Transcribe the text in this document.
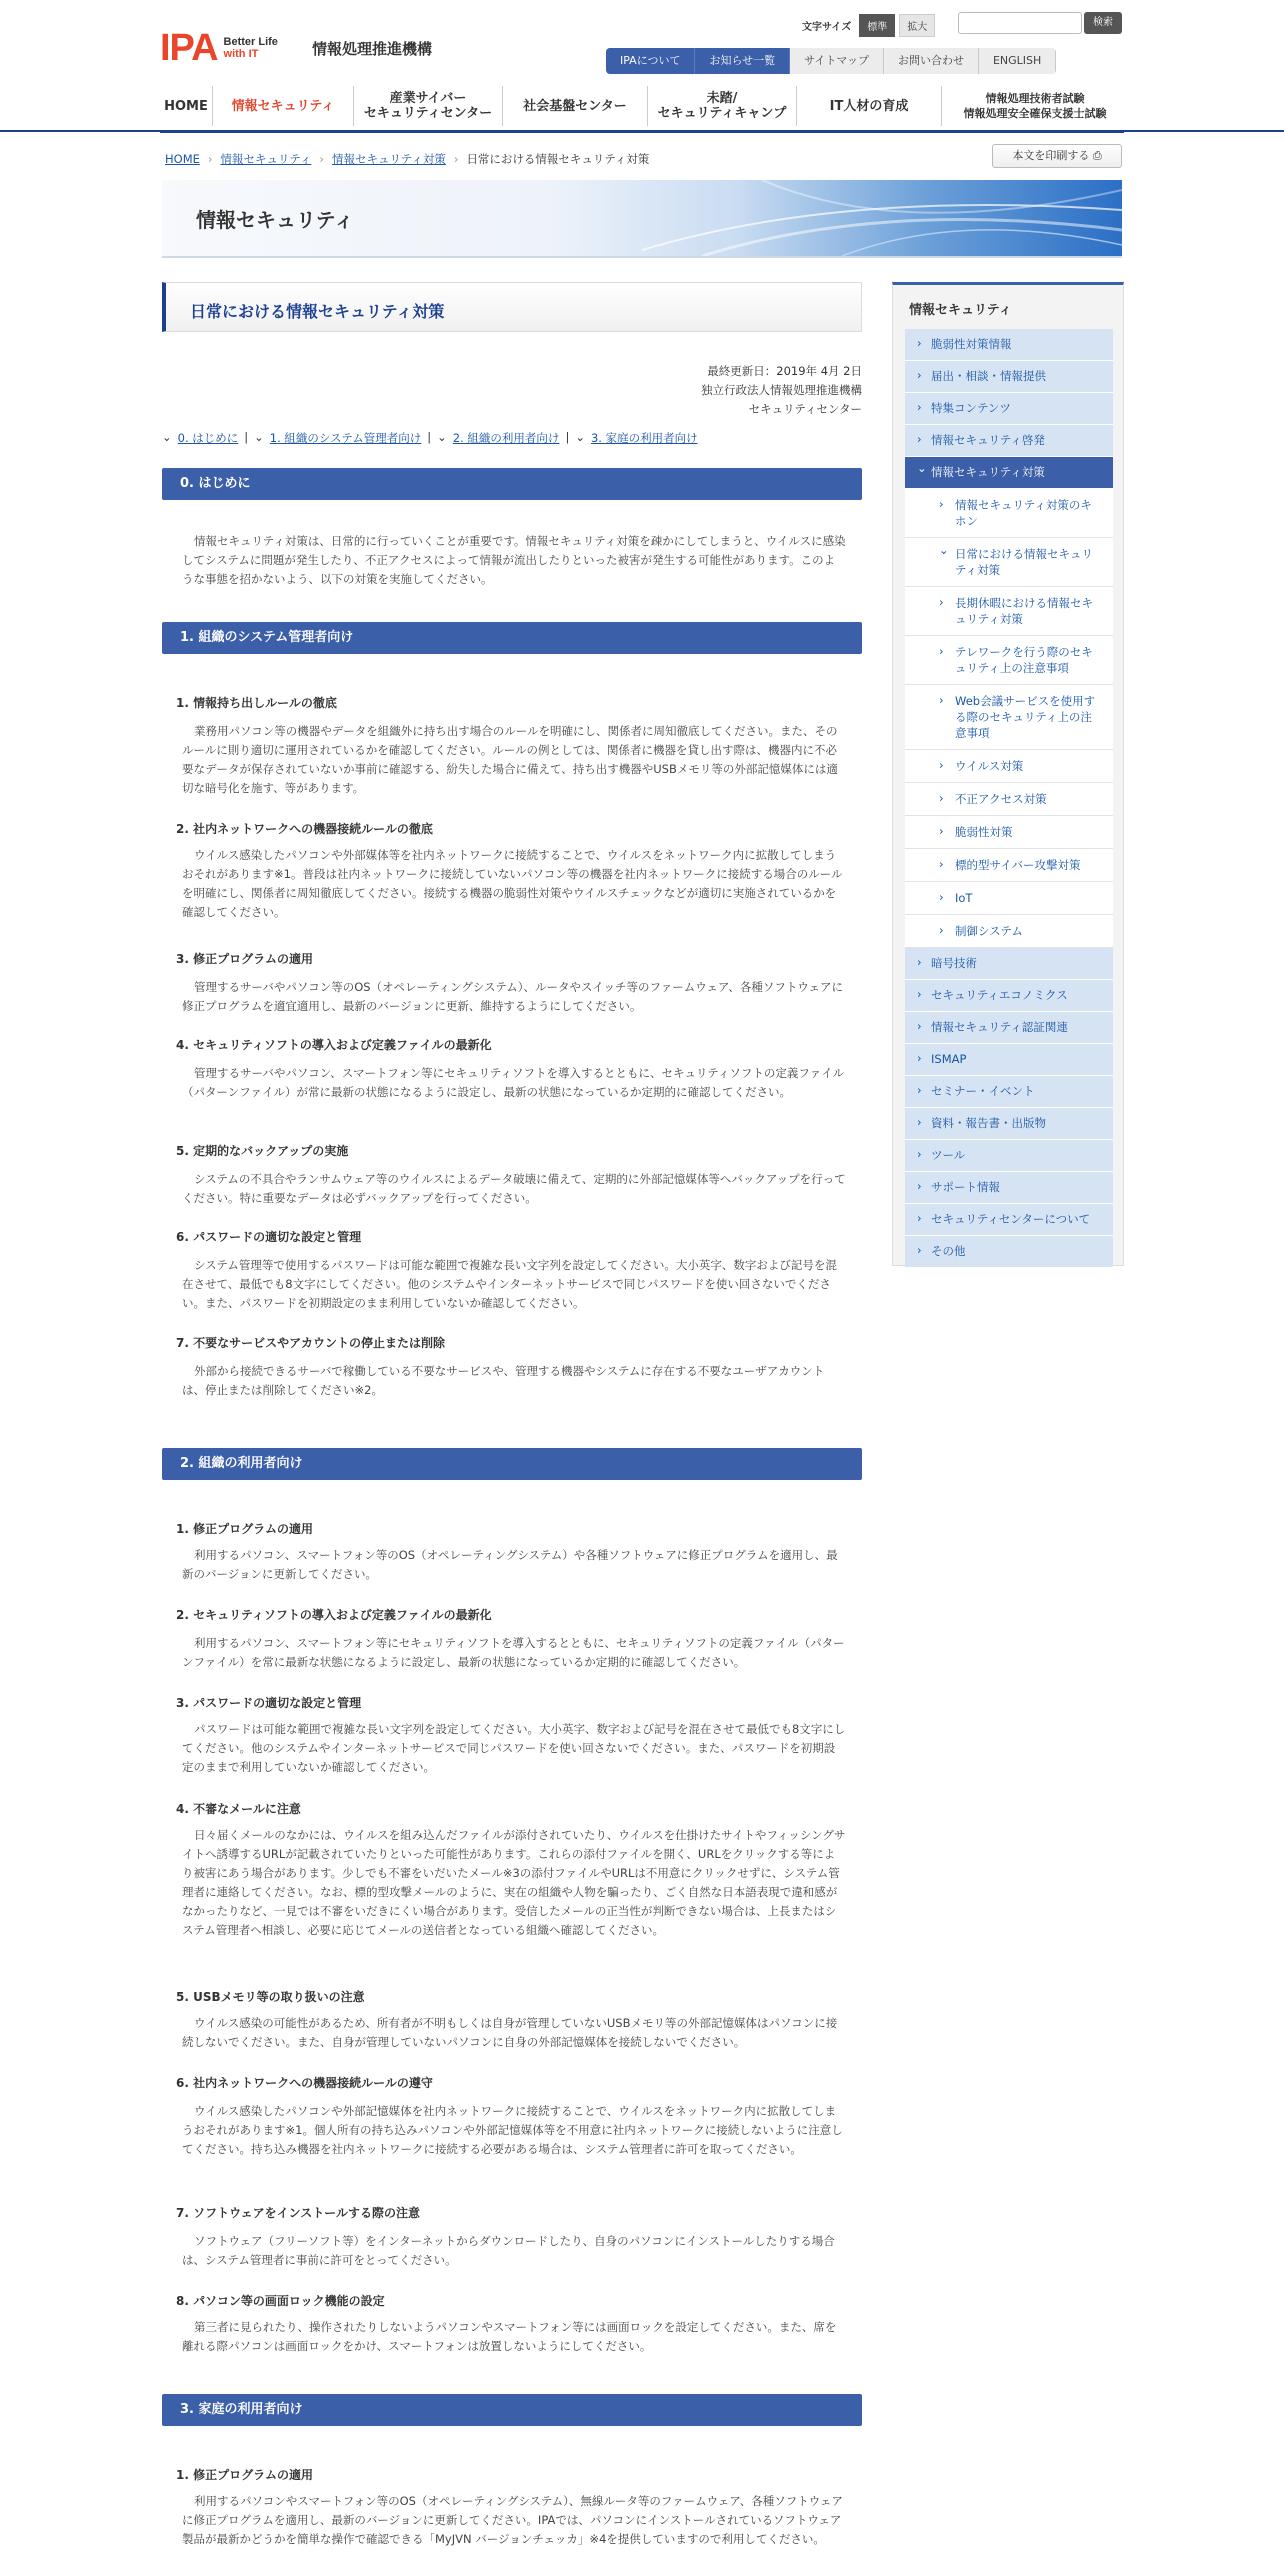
IPA Better Life
with IT	情報処理推進機構
文字サイズ	標準	拡大	検索
IPAについて	お知らせ一覧	サイトマップ	お問い合わせ	ENGLISH
HOME	情報セキュリティ	産業サイバー
セキュリティセンター	社会基盤センター	未踏/
セキュリティキャンプ	IT人材の育成	情報処理技術者試験
情報処理安全確保支援士試験
HOME › 情報セキュリティ › 情報セキュリティ対策 › 日常における情報セキュリティ対策	本文を印刷する ⎙
情報セキュリティ
日常における情報セキュリティ対策
最終更新日：2019年 4月 2日
独立行政法人情報処理推進機構
セキュリティセンター
⌄ 0. はじめに | ⌄ 1. 組織のシステム管理者向け | ⌄ 2. 組織の利用者向け | ⌄ 3. 家庭の利用者向け
0. はじめに
情報セキュリティ対策は、日常的に行っていくことが重要です。情報セキュリティ対策を疎かにしてしまうと、ウイルスに感染してシステムに問題が発生したり、不正アクセスによって情報が流出したりといった被害が発生する可能性があります。このような事態を招かないよう、以下の対策を実施してください。
1. 組織のシステム管理者向け
1. 情報持ち出しルールの徹底
業務用パソコン等の機器やデータを組織外に持ち出す場合のルールを明確にし、関係者に周知徹底してください。また、そのルールに則り適切に運用されているかを確認してください。ルールの例としては、関係者に機器を貸し出す際は、機器内に不必要なデータが保存されていないか事前に確認する、紛失した場合に備えて、持ち出す機器やUSBメモリ等の外部記憶媒体には適切な暗号化を施す、等があります。
2. 社内ネットワークへの機器接続ルールの徹底
ウイルス感染したパソコンや外部媒体等を社内ネットワークに接続することで、ウイルスをネットワーク内に拡散してしまうおそれがあります※1。普段は社内ネットワークに接続していないパソコン等の機器を社内ネットワークに接続する場合のルールを明確にし、関係者に周知徹底してください。接続する機器の脆弱性対策やウイルスチェックなどが適切に実施されているかを確認してください。
3. 修正プログラムの適用
管理するサーバやパソコン等のOS（オペレーティングシステム）、ルータやスイッチ等のファームウェア、各種ソフトウェアに修正プログラムを適宜適用し、最新のバージョンに更新、維持するようにしてください。
4. セキュリティソフトの導入および定義ファイルの最新化
管理するサーバやパソコン、スマートフォン等にセキュリティソフトを導入するとともに、セキュリティソフトの定義ファイル（パターンファイル）が常に最新の状態になるように設定し、最新の状態になっているか定期的に確認してください。
5. 定期的なバックアップの実施
システムの不具合やランサムウェア等のウイルスによるデータ破壊に備えて、定期的に外部記憶媒体等へバックアップを行ってください。特に重要なデータは必ずバックアップを行ってください。
6. パスワードの適切な設定と管理
システム管理等で使用するパスワードは可能な範囲で複雑な長い文字列を設定してください。大小英字、数字および記号を混在させて、最低でも8文字にしてください。他のシステムやインターネットサービスで同じパスワードを使い回さないでください。また、パスワードを初期設定のまま利用していないか確認してください。
7. 不要なサービスやアカウントの停止または削除
外部から接続できるサーバで稼働している不要なサービスや、管理する機器やシステムに存在する不要なユーザアカウントは、停止または削除してください※2。
2. 組織の利用者向け
1. 修正プログラムの適用
利用するパソコン、スマートフォン等のOS（オペレーティングシステム）や各種ソフトウェアに修正プログラムを適用し、最新のバージョンに更新してください。
2. セキュリティソフトの導入および定義ファイルの最新化
利用するパソコン、スマートフォン等にセキュリティソフトを導入するとともに、セキュリティソフトの定義ファイル（パターンファイル）を常に最新な状態になるように設定し、最新の状態になっているか定期的に確認してください。
3. パスワードの適切な設定と管理
パスワードは可能な範囲で複雑な長い文字列を設定してください。大小英字、数字および記号を混在させて最低でも8文字にしてください。他のシステムやインターネットサービスで同じパスワードを使い回さないでください。また、パスワードを初期設定のままで利用していないか確認してください。
4. 不審なメールに注意
日々届くメールのなかには、ウイルスを組み込んだファイルが添付されていたり、ウイルスを仕掛けたサイトやフィッシングサイトへ誘導するURLが記載されていたりといった可能性があります。これらの添付ファイルを開く、URLをクリックする等により被害にあう場合があります。少しでも不審をいだいたメール※3の添付ファイルやURLは不用意にクリックせずに、システム管理者に連絡してください。なお、標的型攻撃メールのように、実在の組織や人物を騙ったり、ごく自然な日本語表現で違和感がなかったりなど、一見では不審をいだきにくい場合があります。受信したメールの正当性が判断できない場合は、上長またはシステム管理者へ相談し、必要に応じてメールの送信者となっている組織へ確認してください。
5. USBメモリ等の取り扱いの注意
ウイルス感染の可能性があるため、所有者が不明もしくは自身が管理していないUSBメモリ等の外部記憶媒体はパソコンに接続しないでください。また、自身が管理していないパソコンに自身の外部記憶媒体を接続しないでください。
6. 社内ネットワークへの機器接続ルールの遵守
ウイルス感染したパソコンや外部記憶媒体を社内ネットワークに接続することで、ウイルスをネットワーク内に拡散してしまうおそれがあります※1。個人所有の持ち込みパソコンや外部記憶媒体等を不用意に社内ネットワークに接続しないように注意してください。持ち込み機器を社内ネットワークに接続する必要がある場合は、システム管理者に許可を取ってください。
7. ソフトウェアをインストールする際の注意
ソフトウェア（フリーソフト等）をインターネットからダウンロードしたり、自身のパソコンにインストールしたりする場合は、システム管理者に事前に許可をとってください。
8. パソコン等の画面ロック機能の設定
第三者に見られたり、操作されたりしないようパソコンやスマートフォン等には画面ロックを設定してください。また、席を離れる際パソコンは画面ロックをかけ、スマートフォンは放置しないようにしてください。
3. 家庭の利用者向け
1. 修正プログラムの適用
利用するパソコンやスマートフォン等のOS（オペレーティングシステム）、無線ルータ等のファームウェア、各種ソフトウェアに修正プログラムを適用し、最新のバージョンに更新してください。IPAでは、パソコンにインストールされているソフトウェア製品が最新かどうかを簡単な操作で確認できる「MyJVN バージョンチェッカ」※4を提供していますので利用してください。
情報セキュリティ
› 脆弱性対策情報
› 届出・相談・情報提供
› 特集コンテンツ
› 情報セキュリティ啓発
⌄ 情報セキュリティ対策
› 情報セキュリティ対策のキホン
⌄ 日常における情報セキュリティ対策
› 長期休暇における情報セキュリティ対策
› テレワークを行う際のセキュリティ上の注意事項
› Web会議サービスを使用する際のセキュリティ上の注意事項
› ウイルス対策
› 不正アクセス対策
› 脆弱性対策
› 標的型サイバー攻撃対策
› IoT
› 制御システム
› 暗号技術
› セキュリティエコノミクス
› 情報セキュリティ認証関連
› ISMAP
› セミナー・イベント
› 資料・報告書・出版物
› ツール
› サポート情報
› セキュリティセンターについて
› その他
